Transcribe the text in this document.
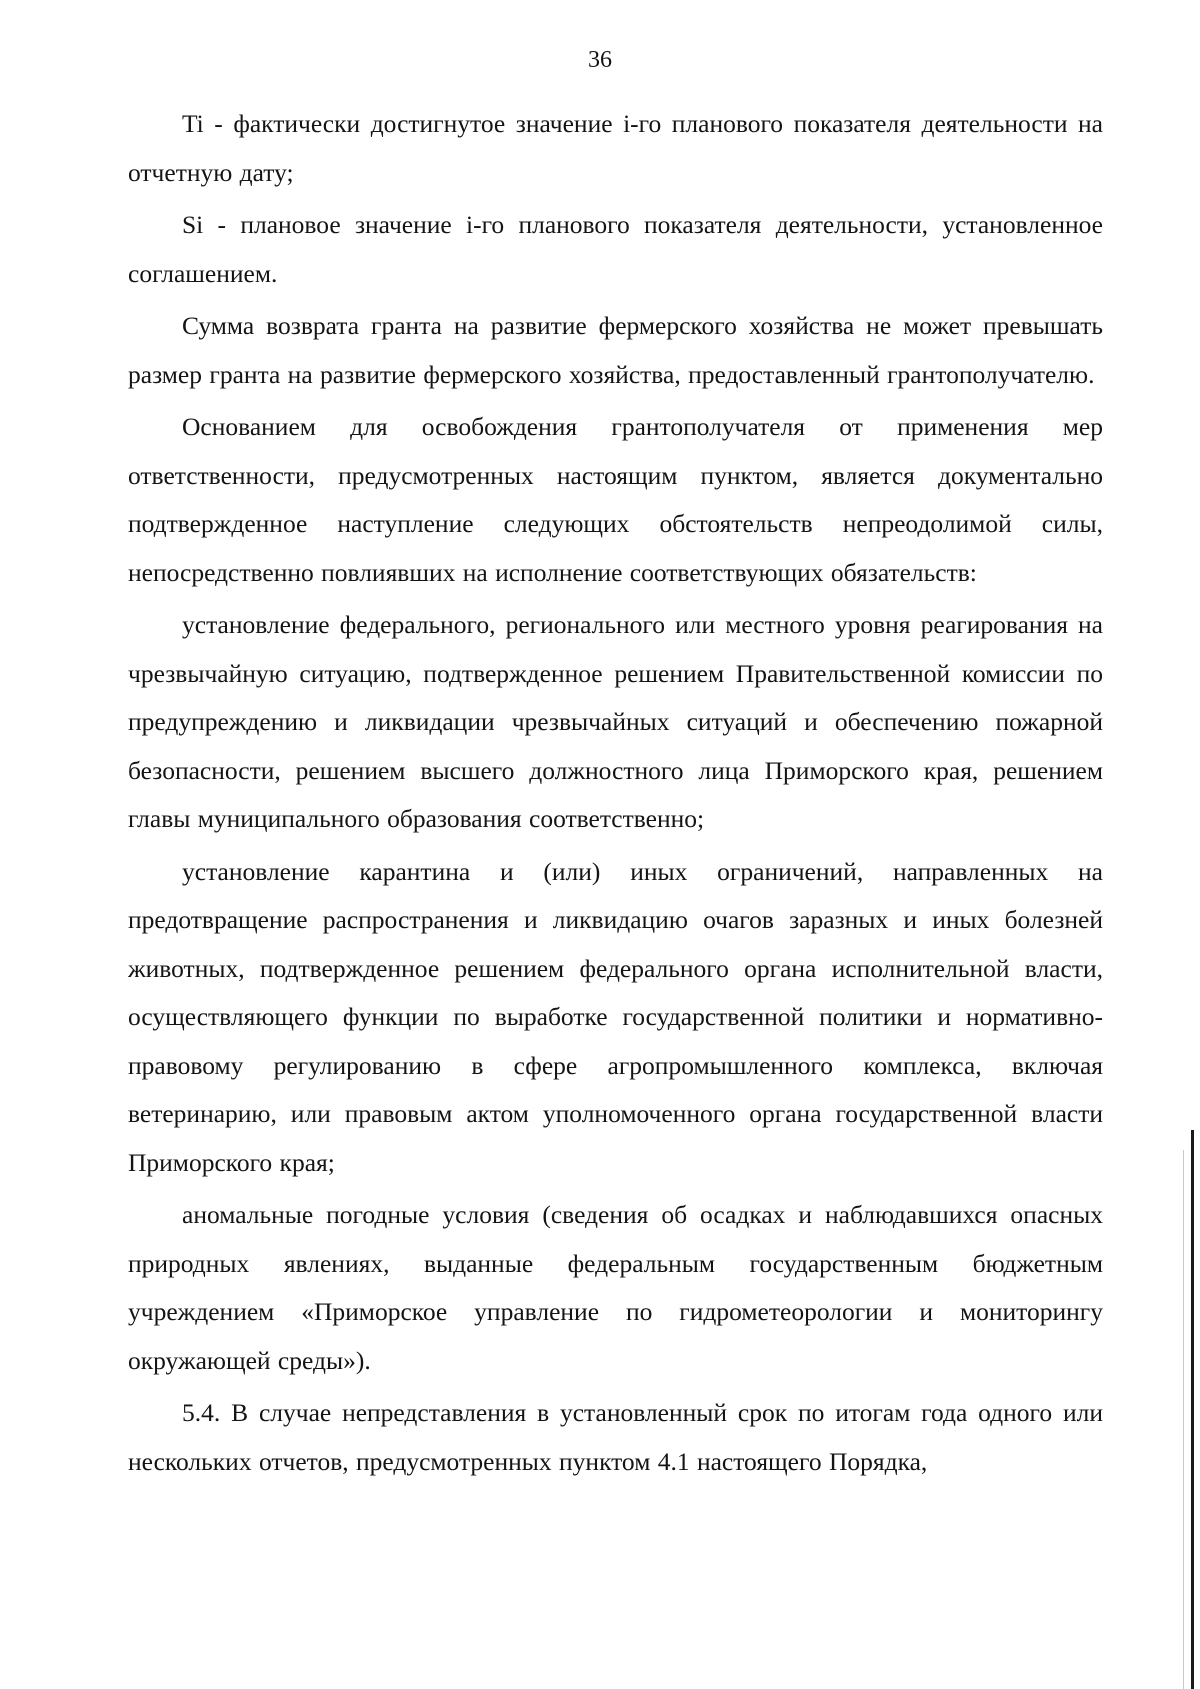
36

Ti - фактически достигнутое значение i-го планового показателя деятельности на отчетную дату;

Si - плановое значение i-го планового показателя деятельности, установленное соглашением.

Сумма возврата гранта на развитие фермерского хозяйства не может превышать размер гранта на развитие фермерского хозяйства, предоставленный грантополучателю.

Основанием для освобождения грантополучателя от применения мер ответственности, предусмотренных настоящим пунктом, является документально подтвержденное наступление следующих обстоятельств непреодолимой силы, непосредственно повлиявших на исполнение соответствующих обязательств:

установление федерального, регионального или местного уровня реагирования на чрезвычайную ситуацию, подтвержденное решением Правительственной комиссии по предупреждению и ликвидации чрезвычайных ситуаций и обеспечению пожарной безопасности, решением высшего должностного лица Приморского края, решением главы муниципального образования соответственно;

установление карантина и (или) иных ограничений, направленных на предотвращение распространения и ликвидацию очагов заразных и иных болезней животных, подтвержденное решением федерального органа исполнительной власти, осуществляющего функции по выработке государственной политики и нормативно-правовому регулированию в сфере агропромышленного комплекса, включая ветеринарию, или правовым актом уполномоченного органа государственной власти Приморского края;

аномальные погодные условия (сведения об осадках и наблюдавшихся опасных природных явлениях, выданные федеральным государственным бюджетным учреждением «Приморское управление по гидрометеорологии и мониторингу окружающей среды»).

5.4. В случае непредставления в установленный срок по итогам года одного или нескольких отчетов, предусмотренных пунктом 4.1 настоящего Порядка,
